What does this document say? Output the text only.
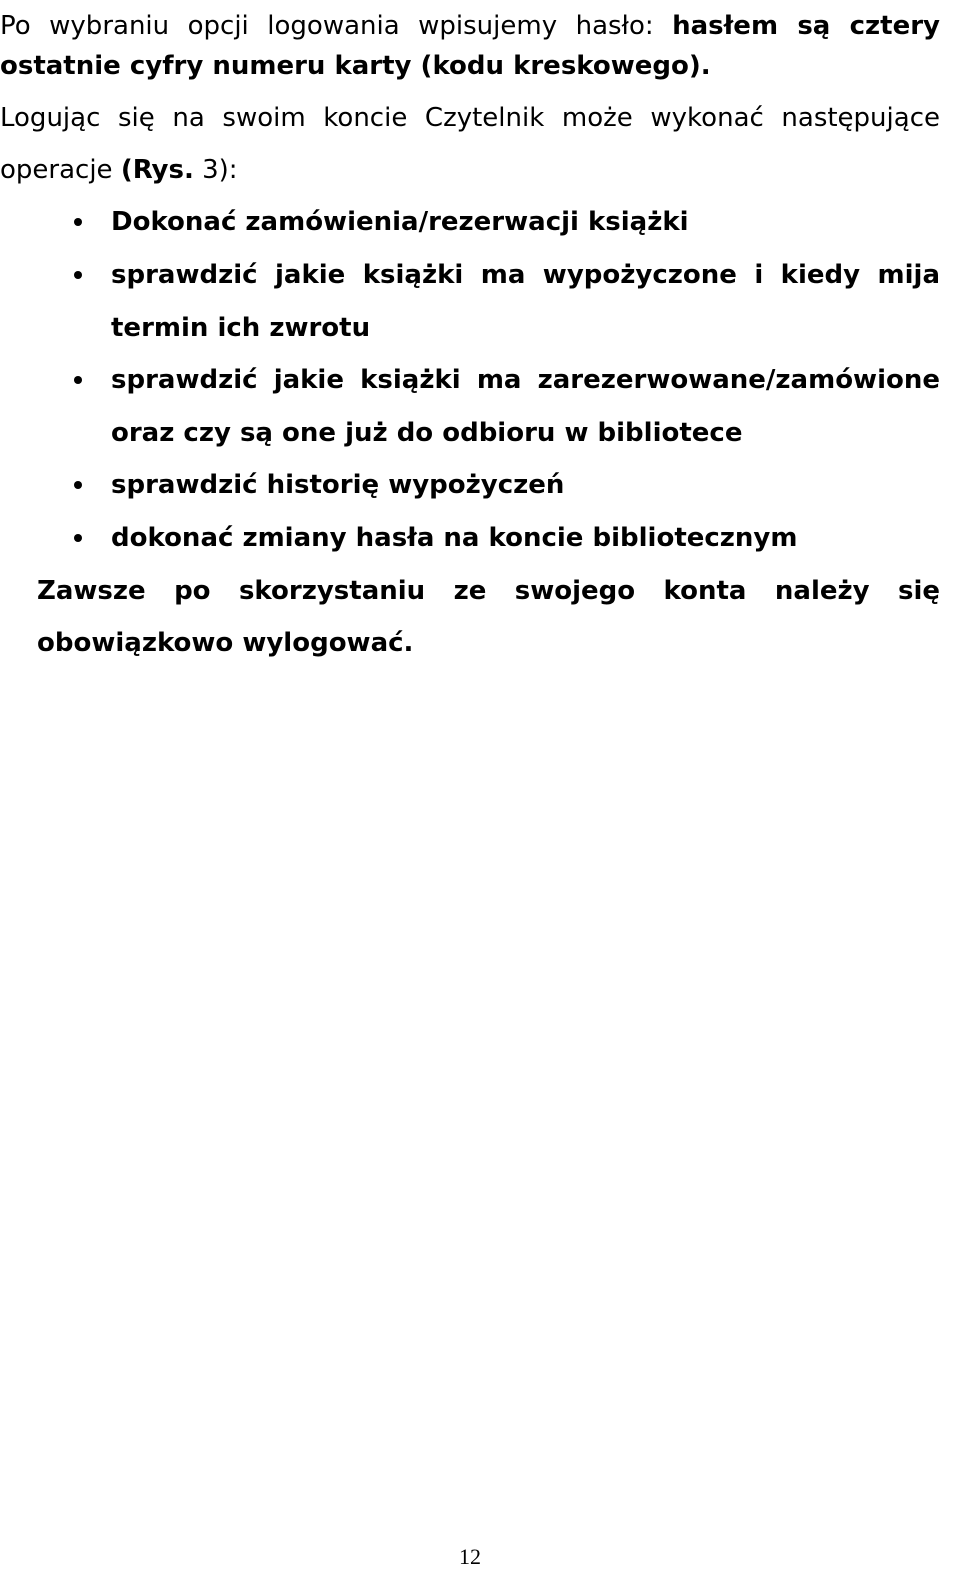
Po wybraniu opcji logowania wpisujemy hasło: hasłem są cztery
ostatnie cyfry numeru karty (kodu kreskowego).
Logując się na swoim koncie Czytelnik może wykonać następujące
operacje (Rys. 3):
Dokonać zamówienia/rezerwacji książki
sprawdzić jakie książki ma wypożyczone i kiedy mija
termin ich zwrotu
sprawdzić jakie książki ma zarezerwowane/zamówione
oraz czy są one już do odbioru w bibliotece
sprawdzić historię wypożyczeń
dokonać zmiany hasła na koncie bibliotecznym
Zawsze po skorzystaniu ze swojego konta należy się
obowiązkowo wylogować.
12
